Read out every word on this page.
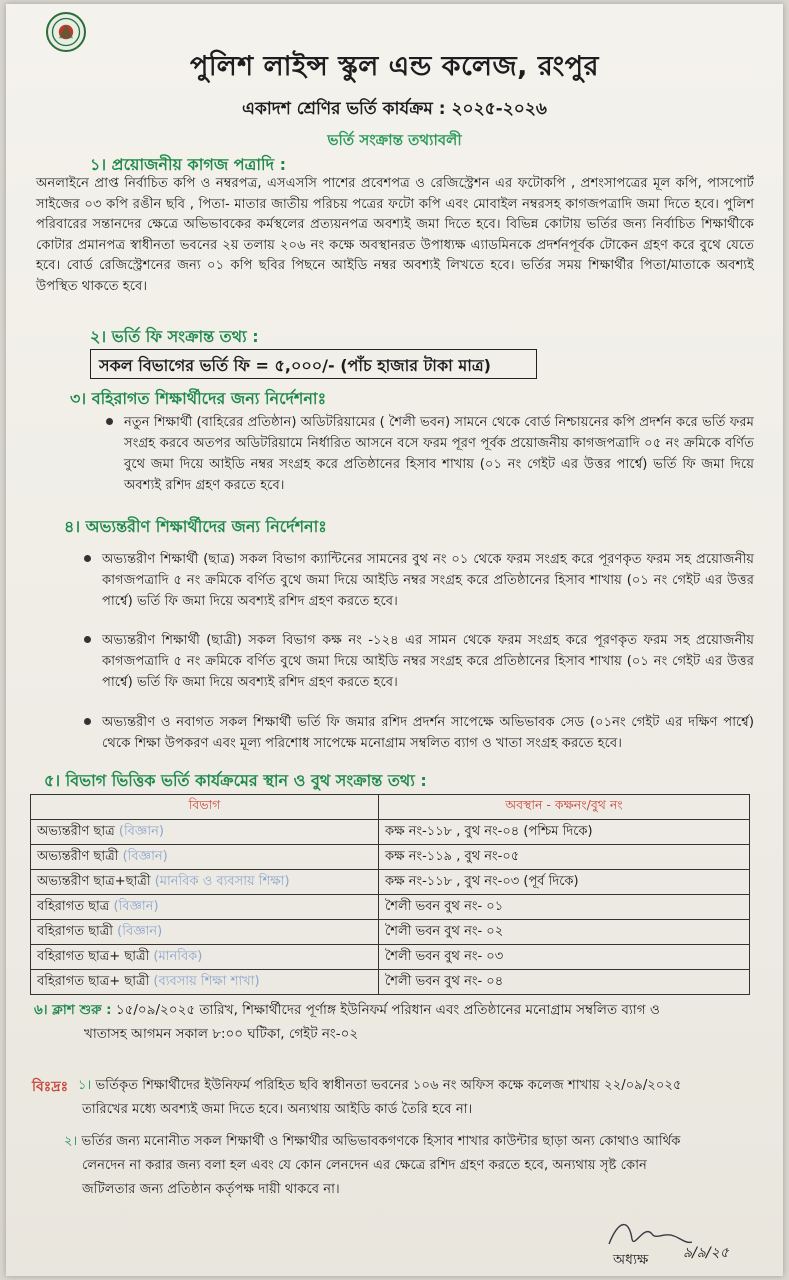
পুলিশ লাইন্স স্কুল এন্ড কলেজ, রংপুর
একাদশ শ্রেণির ভর্তি কার্যক্রম : ২০২৫-২০২৬
ভর্তি সংক্রান্ত তথ্যাবলী
১। প্রয়োজনীয় কাগজ পত্রাদি :
অনলাইনে প্রাপ্ত নির্বাচিত কপি ও নম্বরপত্র, এসএসসি পাশের প্রবেশপত্র ও রেজিস্ট্রেশন এর ফটোকপি , প্রশংসাপত্রের মূল কপি, পাসপোর্ট সাইজের ০৩ কপি রঙীন ছবি , পিতা- মাতার জাতীয় পরিচয় পত্রের ফটো কপি এবং মোবাইল নম্বরসহ কাগজপত্রাদি জমা দিতে হবে। পুলিশ পরিবারের সন্তানদের ক্ষেত্রে অভিভাবকের কর্মস্থলের প্রত্যয়নপত্র অবশ্যই জমা দিতে হবে। বিভিন্ন কোটায় ভর্তির জন্য নির্বাচিত শিক্ষার্থীকে কোটার প্রমানপত্র স্বাধীনতা ভবনের ২য় তলায় ২০৬ নং কক্ষে অবস্থানরত উপাধ্যক্ষ এ্যাডমিনকে প্রদর্শনপূর্বক টোকেন গ্রহণ করে বুথে যেতে হবে। বোর্ড রেজিস্ট্রেশনের জন্য ০১ কপি ছবির পিছনে আইডি নম্বর অবশ্যই লিখতে হবে। ভর্তির সময় শিক্ষার্থীর পিতা/মাতাকে অবশ্যই উপস্থিত থাকতে হবে।
২। ভর্তি ফি সংক্রান্ত তথ্য :
সকল বিভাগের ভর্তি ফি = ৫,০০০/- (পাঁচ হাজার টাকা মাত্র)
৩। বহিরাগত শিক্ষার্থীদের জন্য নির্দেশনাঃ
নতুন শিক্ষার্থী (বাহিরের প্রতিষ্ঠান) অডিটরিয়ামের ( শৈলী ভবন) সামনে থেকে বোর্ড নিশ্চায়নের কপি প্রদর্শন করে ভর্তি ফরম সংগ্রহ করবে অতপর অডিটরিয়ামে নির্ধারিত আসনে বসে ফরম পূরণ পূর্বক প্রয়োজনীয় কাগজপত্রাদি ০৫ নং ক্রমিকে বর্ণিত বুথে জমা দিয়ে আইডি নম্বর সংগ্রহ করে প্রতিষ্ঠানের হিসাব শাখায় (০১ নং গেইট এর উত্তর পার্শ্বে) ভর্তি ফি জমা দিয়ে অবশ্যই রশিদ গ্রহণ করতে হবে।
৪। অভ্যন্তরীণ শিক্ষার্থীদের জন্য নির্দেশনাঃ
অভ্যন্তরীণ শিক্ষার্থী (ছাত্র) সকল বিভাগ ক্যান্টিনের সামনের বুথ নং ০১ থেকে ফরম সংগ্রহ করে পূরণকৃত ফরম সহ প্রয়োজনীয় কাগজপত্রাদি ৫ নং ক্রমিকে বর্ণিত বুথে জমা দিয়ে আইডি নম্বর সংগ্রহ করে প্রতিষ্ঠানের হিসাব শাখায় (০১ নং গেইট এর উত্তর পার্শ্বে) ভর্তি ফি জমা দিয়ে অবশ্যই রশিদ গ্রহণ করতে হবে।
অভ্যন্তরীণ শিক্ষার্থী (ছাত্রী) সকল বিভাগ কক্ষ নং -১২৪ এর সামন থেকে ফরম সংগ্রহ করে পূরণকৃত ফরম সহ প্রয়োজনীয় কাগজপত্রাদি ৫ নং ক্রমিকে বর্ণিত বুথে জমা দিয়ে আইডি নম্বর সংগ্রহ করে প্রতিষ্ঠানের হিসাব শাখায় (০১ নং গেইট এর উত্তর পার্শ্বে) ভর্তি ফি জমা দিয়ে অবশ্যই রশিদ গ্রহণ করতে হবে।
অভ্যন্তরীণ ও নবাগত সকল শিক্ষার্থী ভর্তি ফি জমার রশিদ প্রদর্শন সাপেক্ষে অভিভাবক সেড (০১নং গেইট এর দক্ষিণ পার্শ্বে) থেকে শিক্ষা উপকরণ এবং মূল্য পরিশোধ সাপেক্ষে মনোগ্রাম সম্বলিত ব্যাগ ও খাতা সংগ্রহ করতে হবে।
৫। বিভাগ ভিত্তিক ভর্তি কার্যক্রমের স্থান ও বুথ সংক্রান্ত তথ্য :
বিভাগ	অবস্থান - কক্ষনং/বুথ নং
অভ্যন্তরীণ ছাত্র (বিজ্ঞান)	কক্ষ নং-১১৮ , বুথ নং-০৪ (পশ্চিম দিকে)
অভ্যন্তরীণ ছাত্রী (বিজ্ঞান)	কক্ষ নং-১১৯ , বুথ নং-০৫
অভ্যন্তরীণ ছাত্র+ছাত্রী (মানবিক ও ব্যবসায় শিক্ষা)	কক্ষ নং-১১৮ , বুথ নং-০৩ (পূর্ব দিকে)
বহিরাগত ছাত্র (বিজ্ঞান)	শৈলী ভবন বুথ নং- ০১
বহিরাগত ছাত্রী (বিজ্ঞান)	শৈলী ভবন বুথ নং- ০২
বহিরাগত ছাত্র+ ছাত্রী (মানবিক)	শৈলী ভবন বুথ নং- ০৩
বহিরাগত ছাত্র+ ছাত্রী (ব্যবসায় শিক্ষা শাখা)	শৈলী ভবন বুথ নং- ০৪
৬। ক্লাশ শুরু : ১৫/০৯/২০২৫ তারিখ, শিক্ষার্থীদের পূর্ণাঙ্গ ইউনিফর্ম পরিধান এবং প্রতিষ্ঠানের মনোগ্রাম সম্বলিত ব্যাগ ও
খাতাসহ আগমন সকাল ৮:০০ ঘটিকা, গেইট নং-০২
বিঃদ্রঃ ১। ভর্তিকৃত শিক্ষার্থীদের ইউনিফর্ম পরিহিত ছবি স্বাধীনতা ভবনের ১০৬ নং অফিস কক্ষে কলেজ শাখায় ২২/০৯/২০২৫
তারিখের মধ্যে অবশ্যই জমা দিতে হবে। অন্যথায় আইডি কার্ড তৈরি হবে না।
২। ভর্তির জন্য মনোনীত সকল শিক্ষার্থী ও শিক্ষার্থীর অভিভাবকগণকে হিসাব শাখার কাউন্টার ছাড়া অন্য কোথাও আর্থিক
লেনদেন না করার জন্য বলা হল এবং যে কোন লেনদেন এর ক্ষেত্রে রশিদ গ্রহণ করতে হবে, অন্যথায় সৃষ্ট কোন
জটিলতার জন্য প্রতিষ্ঠান কর্তৃপক্ষ দায়ী থাকবে না।
৯/৯/২৫
অধ্যক্ষ
